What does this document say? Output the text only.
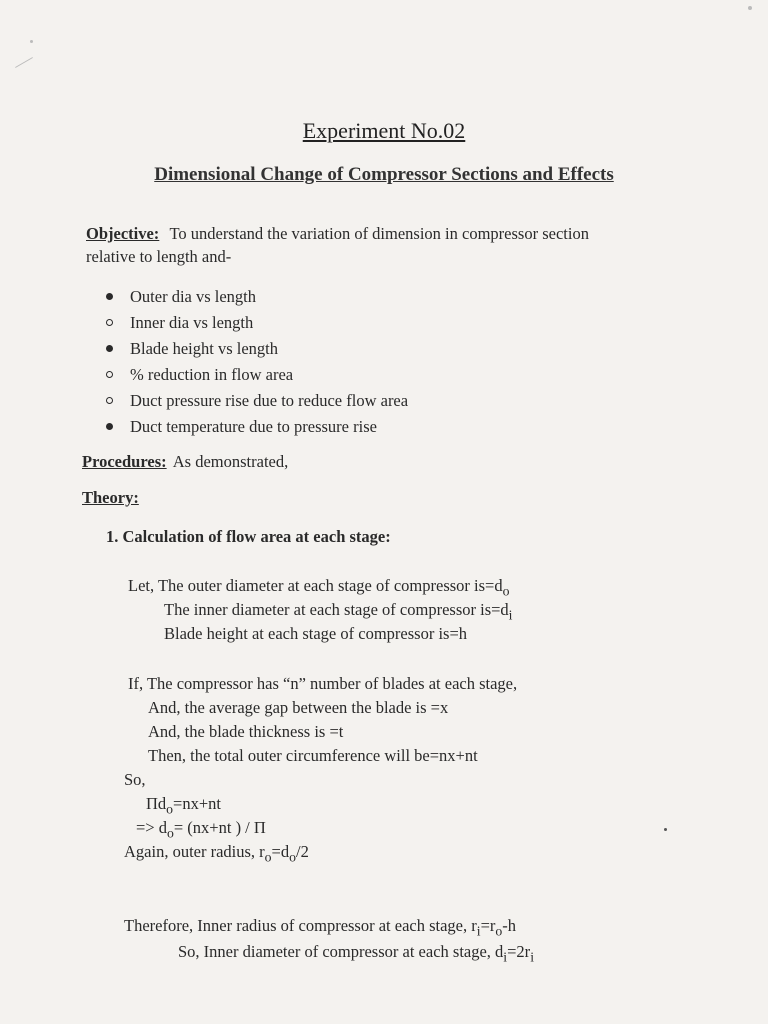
Experiment No.02
Dimensional Change of Compressor Sections and Effects
Objective: To understand the variation of dimension in compressor section
relative to length and-
Outer dia vs length
Inner dia vs length
Blade height vs length
% reduction in flow area
Duct pressure rise due to reduce flow area
Duct temperature due to pressure rise
Procedures: As demonstrated,
Theory:
1. Calculation of flow area at each stage:
Let, The outer diameter at each stage of compressor $is=d_o$
The inner diameter at each stage of compressor $is=d_i$
Blade height at each stage of compressor is=h
If, The compressor has “n” number of blades at each stage,
And, the average gap between the blade is =x
And, the blade thickness is =t
Then, the total outer circumference will be=nx+nt
So,
$\Pi d_o=nx+nt$
=> $d_o= (nx+nt$ ) / Π
Again, outer radius, $r_o=d_o/2$
Therefore, Inner radius of compressor at each stage, $r_i=r_o-h$
So, Inner diameter of compressor at each stage, $d_i=2r_i$
